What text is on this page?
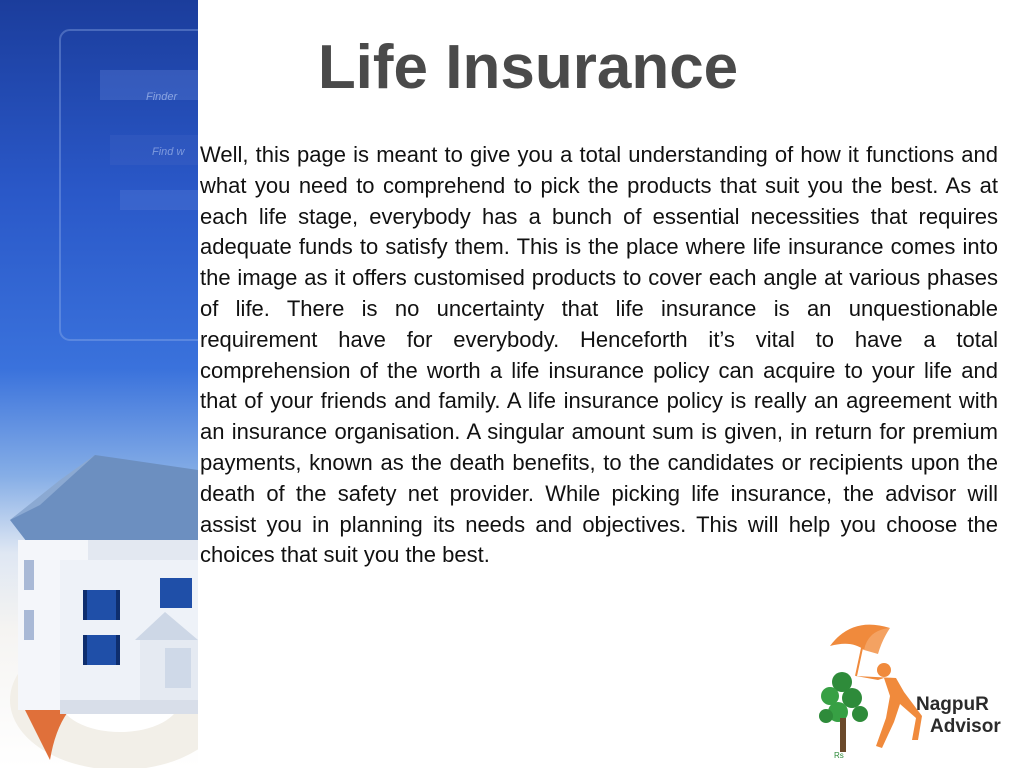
Finder
Find w
Life Insurance

Well, this page is meant to give you a total understanding of how it functions and what you need to comprehend to pick the products that suit you the best. As at each life stage, everybody has a bunch of essential necessities that requires adequate funds to satisfy them. This is the place where life insurance comes into the image as it offers customised products to cover each angle at various phases of life. There is no uncertainty that life insurance is an unquestionable requirement have for everybody. Henceforth it’s vital to have a total comprehension of the worth a life insurance policy can acquire to your life and that of your friends and family. A life insurance policy is really an agreement with an insurance organisation. A singular amount sum is given, in return for premium payments, known as the death benefits, to the candidates or recipients upon the death of the safety net provider. While picking life insurance, the advisor will assist you in planning its needs and objectives. This will help you choose the choices that suit you the best.

Rs
NagpuR
Advisor
